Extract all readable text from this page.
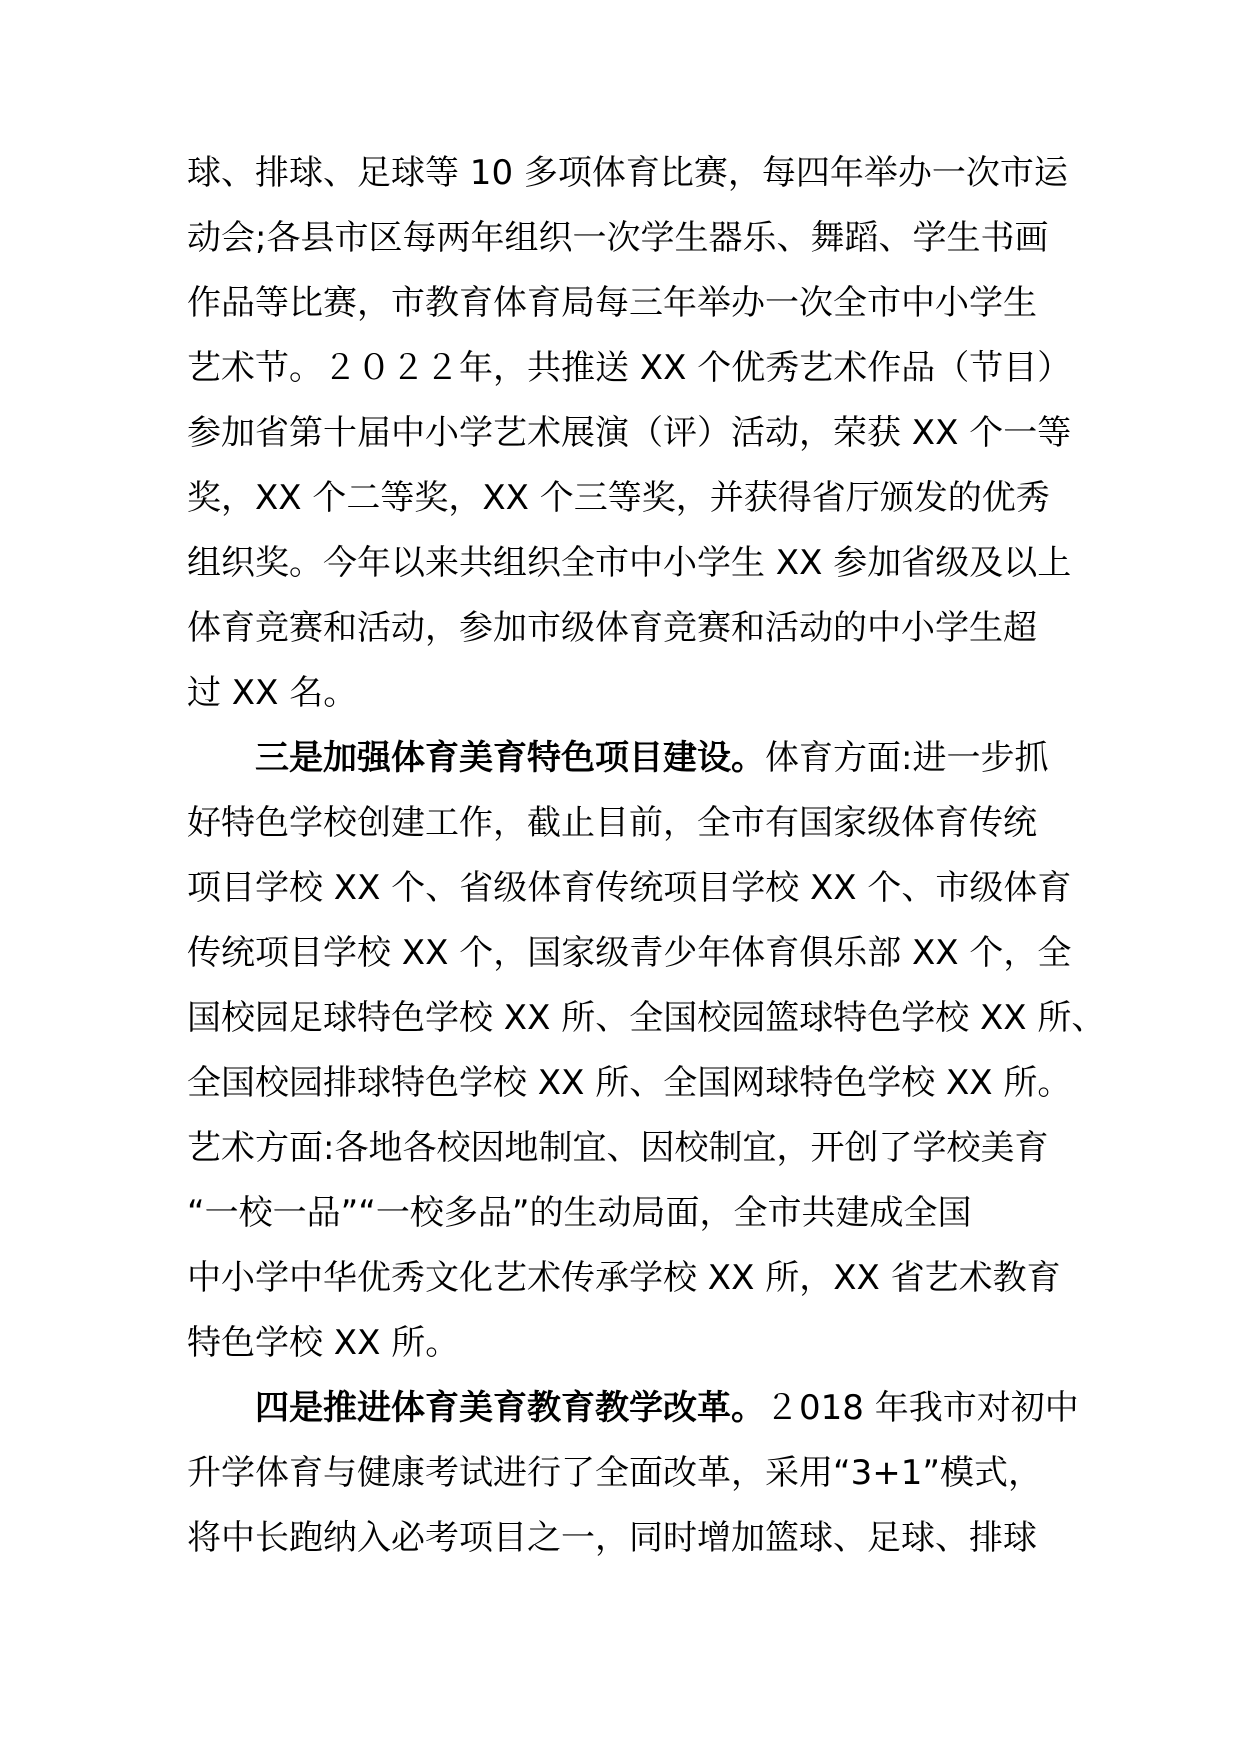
球、排球、足球等 10 多项体育比赛，每四年举办一次市运
动会;各县市区每两年组织一次学生器乐、舞蹈、学生书画
作品等比赛，市教育体育局每三年举办一次全市中小学生
艺术节。２０２２年，共推送 XX 个优秀艺术作品（节目）
参加省第十届中小学艺术展演（评）活动，荣获 XX 个一等
奖，XX 个二等奖，XX 个三等奖，并获得省厅颁发的优秀
组织奖。今年以来共组织全市中小学生 XX 参加省级及以上
体育竞赛和活动，参加市级体育竞赛和活动的中小学生超
过 XX 名。

三是加强体育美育特色项目建设。体育方面:进一步抓
好特色学校创建工作，截止目前，全市有国家级体育传统
项目学校 XX 个、省级体育传统项目学校 XX 个、市级体育
传统项目学校 XX 个，国家级青少年体育俱乐部 XX 个，全
国校园足球特色学校 XX 所、全国校园篮球特色学校 XX 所、
全国校园排球特色学校 XX 所、全国网球特色学校 XX 所。
艺术方面:各地各校因地制宜、因校制宜，开创了学校美育
“一校一品”“一校多品”的生动局面，全市共建成全国
中小学中华优秀文化艺术传承学校 XX 所，XX 省艺术教育
特色学校 XX 所。

四是推进体育美育教育教学改革。２018 年我市对初中
升学体育与健康考试进行了全面改革，采用“3+1”模式，
将中长跑纳入必考项目之一，同时增加篮球、足球、排球
